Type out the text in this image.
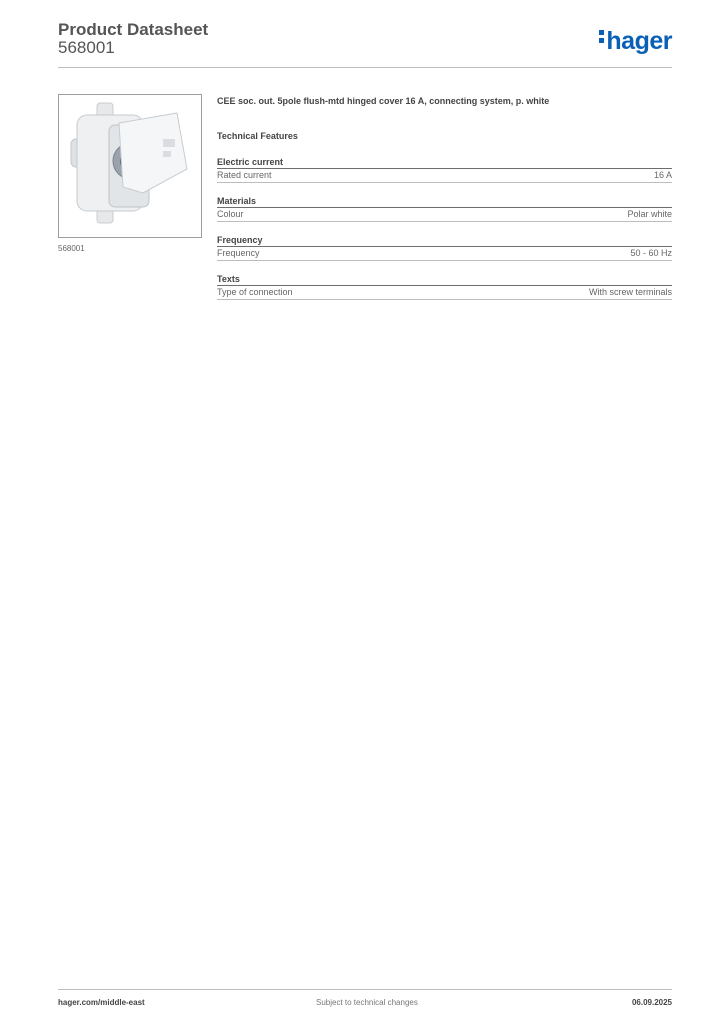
Product Datasheet
568001	hager
568001
CEE soc. out. 5pole flush-mtd hinged cover 16 A, connecting system, p. white
Technical Features
Electric current
Rated current	16 A
Materials
Colour	Polar white
Frequency
Frequency	50 - 60 Hz
Texts
Type of connection	With screw terminals
hager.com/middle-east	Subject to technical changes	06.09.2025
